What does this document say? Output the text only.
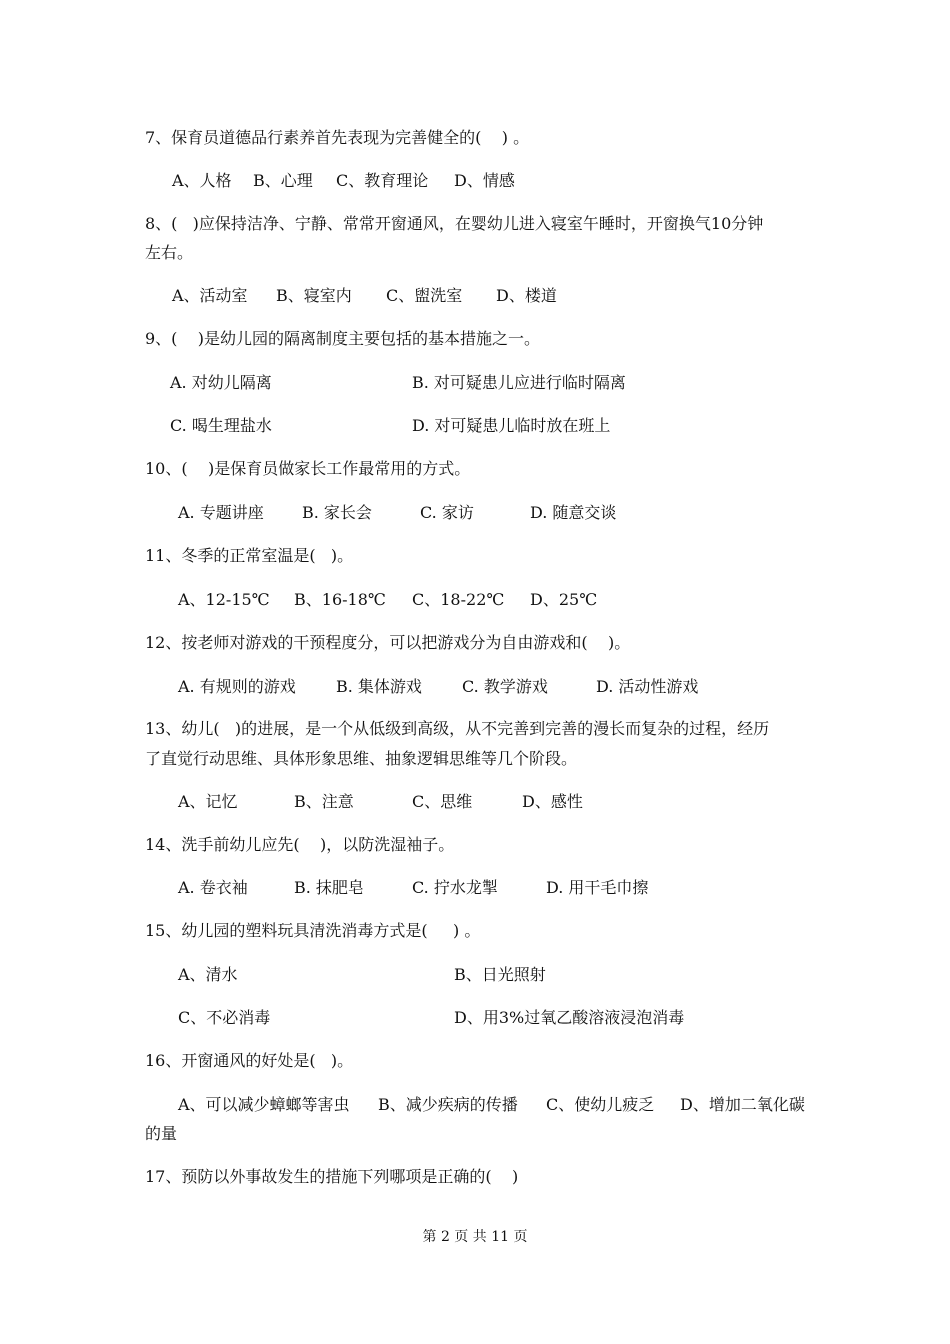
7、保育员道德品行素养首先表现为完善健全的(    ) 。
A、人格 B、心理 C、教育理论 D、情感
8、(   )应保持洁净、宁静、常常开窗通风，在婴幼儿进入寝室午睡时，开窗换气10分钟
左右。
A、活动室 B、寝室内 C、盥洗室 D、楼道
9、(    )是幼儿园的隔离制度主要包括的基本措施之一。
A. 对幼儿隔离	B. 对可疑患儿应进行临时隔离
C. 喝生理盐水	D. 对可疑患儿临时放在班上
10、(    )是保育员做家长工作最常用的方式。
A. 专题讲座 B. 家长会	C. 家访	D. 随意交谈
11、冬季的正常室温是(   )。
A、12-15℃ B、16-18℃ C、18-22℃ D、25℃
12、按老师对游戏的干预程度分，可以把游戏分为自由游戏和(    )。
A. 有规则的游戏	B. 集体游戏	C. 教学游戏	D. 活动性游戏
13、幼儿(   )的进展，是一个从低级到高级，从不完善到完善的漫长而复杂的过程，经历
了直觉行动思维、具体形象思维、抽象逻辑思维等几个阶段。
A、记忆	B、注意	C、思维	D、感性
14、洗手前幼儿应先(    )，以防洗湿袖子。
A. 卷衣袖	B. 抹肥皂	C. 拧水龙掣	D. 用干毛巾擦
15、幼儿园的塑料玩具清洗消毒方式是(     ) 。
A、清水	B、日光照射
C、不必消毒	D、用3%过氧乙酸溶液浸泡消毒
16、开窗通风的好处是(   )。
A、可以减少蟑螂等害虫 B、减少疾病的传播 C、使幼儿疲乏 D、增加二氧化碳
的量
17、预防以外事故发生的措施下列哪项是正确的(    )
第 2 页 共 11 页
